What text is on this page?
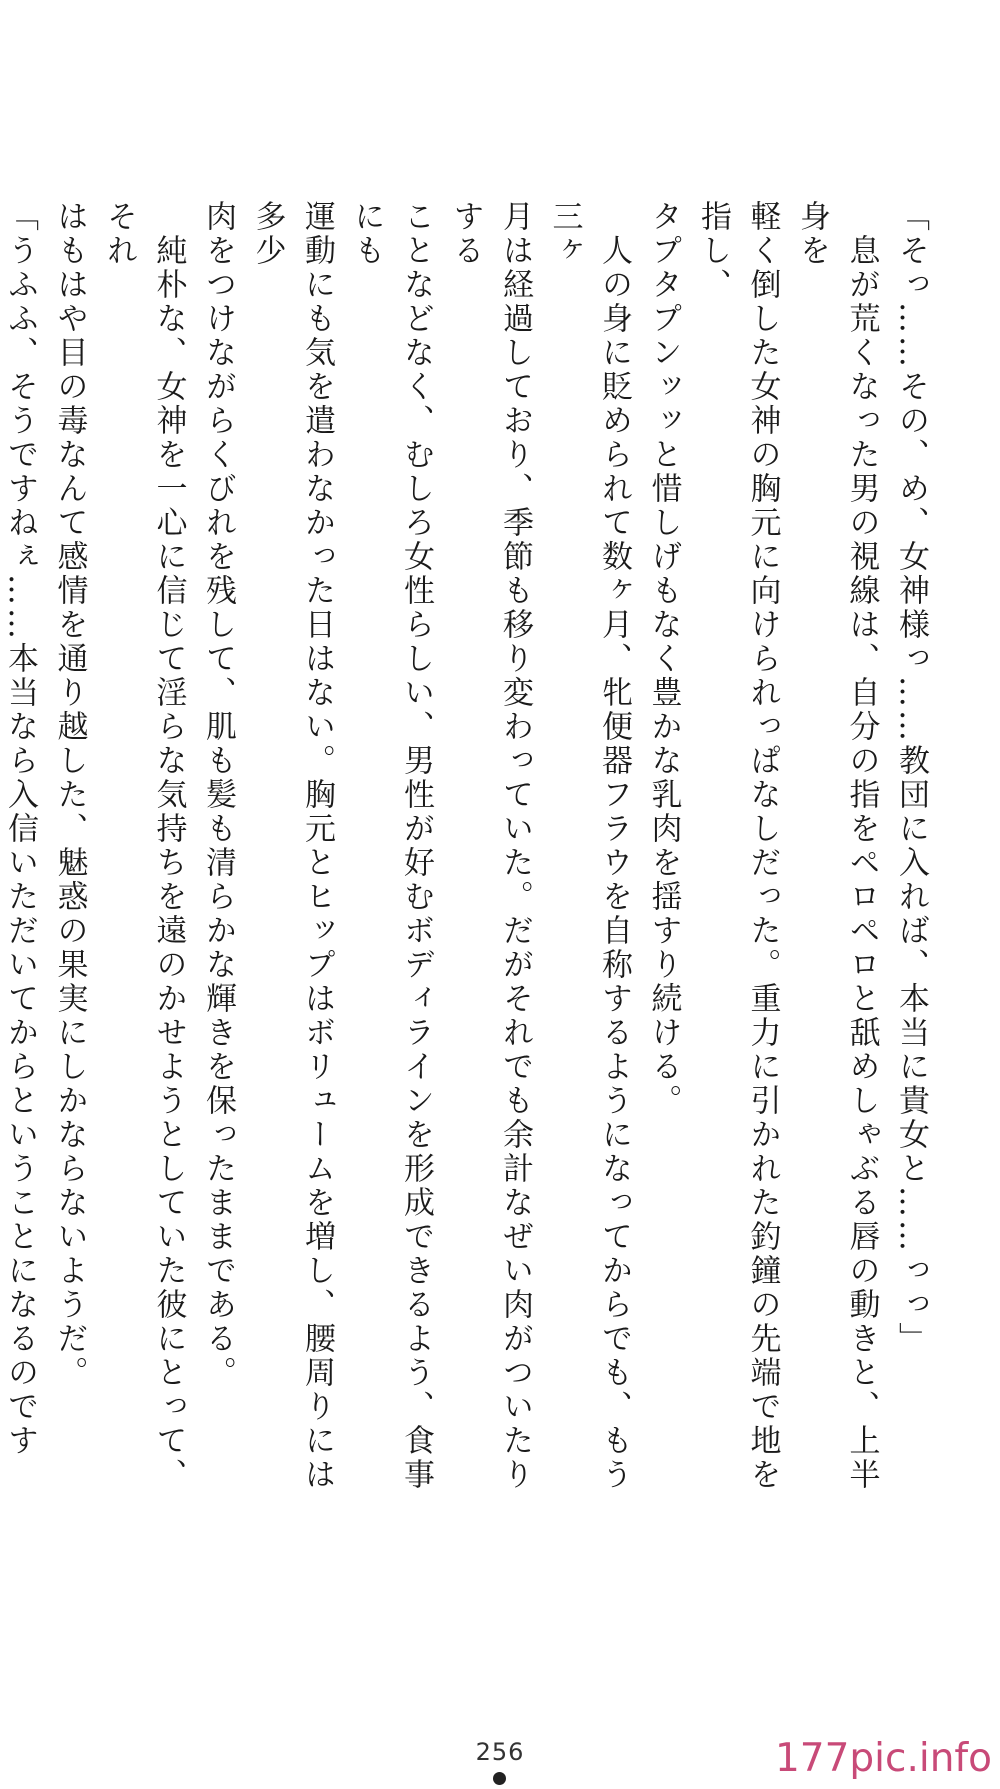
「そっ……その、め、女神様っ……教団に入れば、本当に貴女と……っっ」

　息が荒くなった男の視線は、自分の指をペロペロと舐めしゃぶる唇の動きと、上半身を

軽く倒した女神の胸元に向けられっぱなしだった。重力に引かれた釣鐘の先端で地を指し、

タプタプンッッと惜しげもなく豊かな乳肉を揺すり続ける。

　人の身に貶められて数ヶ月、牝便器フラウを自称するようになってからでも、もう三ヶ

月は経過しており、季節も移り変わっていた。だがそれでも余計なぜい肉がついたりする

ことなどなく、むしろ女性らしい、男性が好むボディラインを形成できるよう、食事にも

運動にも気を遣わなかった日はない。胸元とヒップはボリュームを増し、腰周りには多少

肉をつけながらくびれを残して、肌も髪も清らかな輝きを保ったままである。

　純朴な、女神を一心に信じて淫らな気持ちを遠のかせようとしていた彼にとって、それ

はもはや目の毒なんて感情を通り越した、魅惑の果実にしかならないようだ。

「うふふ、そうですねぇ……本当なら入信いただいてからということになるのです

256	177pic.info
